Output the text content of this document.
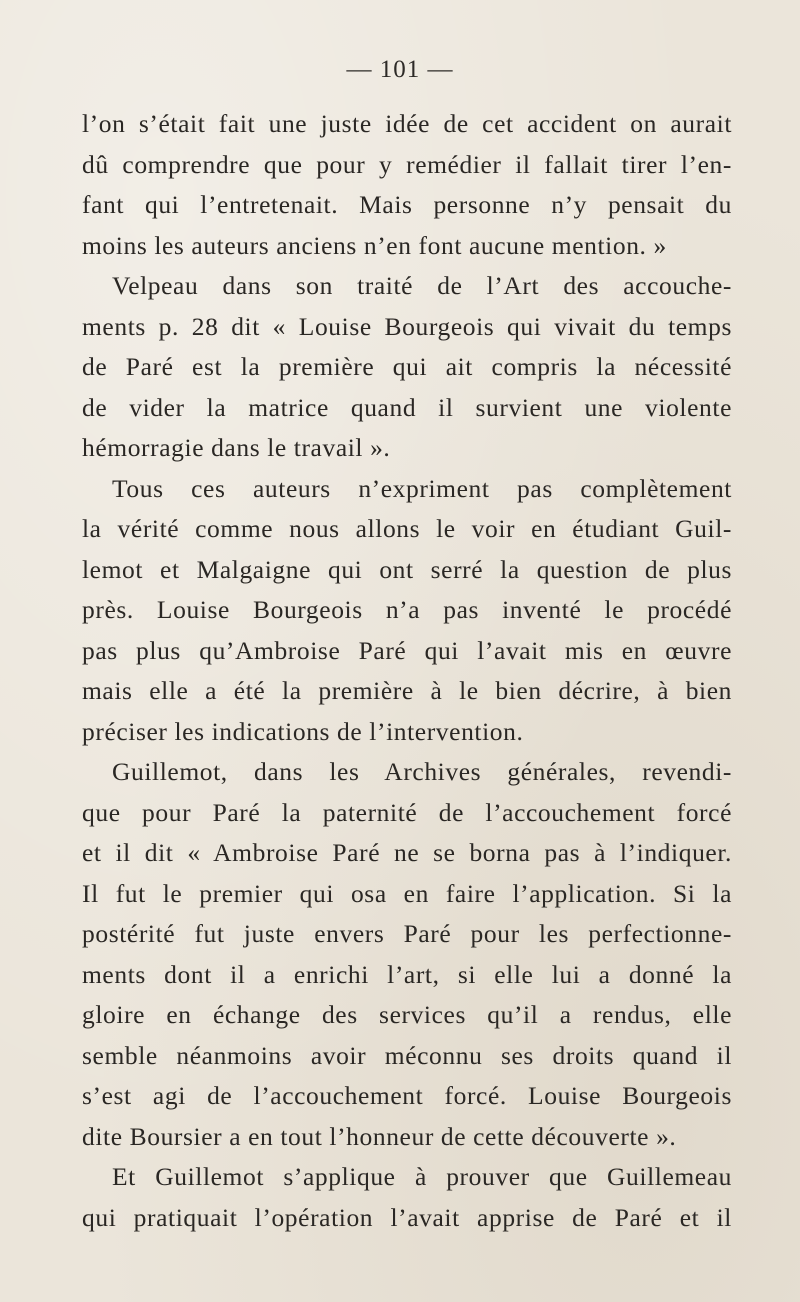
— 101 —
l’on s’était fait une juste idée de cet accident on aurait
dû comprendre que pour y remédier il fallait tirer l’en-
fant qui l’entretenait. Mais personne n’y pensait du
moins les auteurs anciens n’en font aucune mention. »
Velpeau dans son traité de l’Art des accouche-
ments p. 28 dit « Louise Bourgeois qui vivait du temps
de Paré est la première qui ait compris la nécessité
de vider la matrice quand il survient une violente
hémorragie dans le travail ».
Tous ces auteurs n’expriment pas complètement
la vérité comme nous allons le voir en étudiant Guil-
lemot et Malgaigne qui ont serré la question de plus
près. Louise Bourgeois n’a pas inventé le procédé
pas plus qu’Ambroise Paré qui l’avait mis en œuvre
mais elle a été la première à le bien décrire, à bien
préciser les indications de l’intervention.
Guillemot, dans les Archives générales, revendi-
que pour Paré la paternité de l’accouchement forcé
et il dit « Ambroise Paré ne se borna pas à l’indiquer.
Il fut le premier qui osa en faire l’application. Si la
postérité fut juste envers Paré pour les perfectionne-
ments dont il a enrichi l’art, si elle lui a donné la
gloire en échange des services qu’il a rendus, elle
semble néanmoins avoir méconnu ses droits quand il
s’est agi de l’accouchement forcé. Louise Bourgeois
dite Boursier a en tout l’honneur de cette découverte ».
Et Guillemot s’applique à prouver que Guillemeau
qui pratiquait l’opération l’avait apprise de Paré et il
